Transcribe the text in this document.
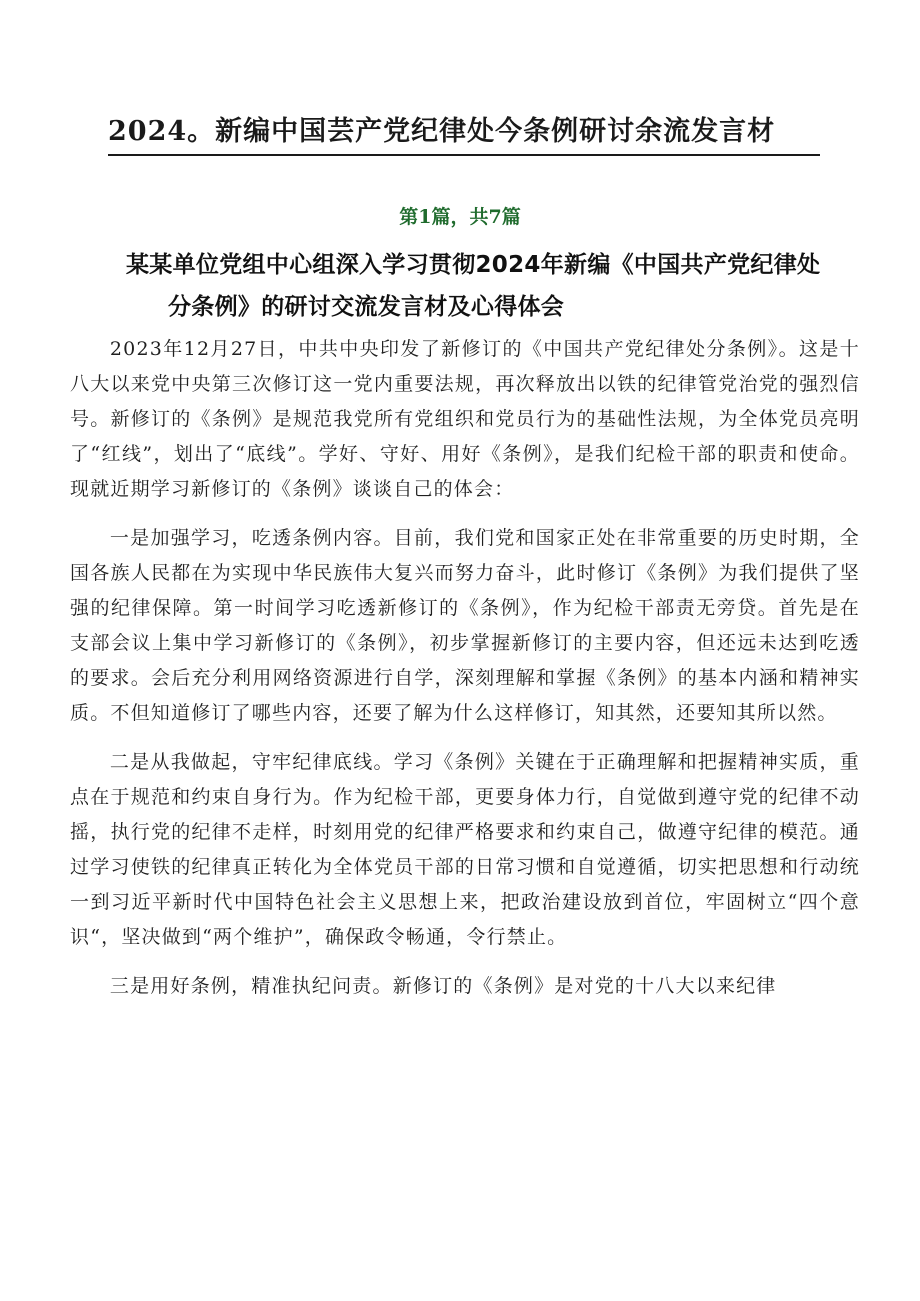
2024。新编中国芸产党纪律处今条例研讨余流发言材
第1篇，共7篇
某某单位党组中心组深入学习贯彻2024年新编《中国共产党纪律处
分条例》的研讨交流发言材及心得体会

2023年12月27日，中共中央印发了新修订的《中国共产党纪律处分条例》。这是十八大以来党中央第三次修订这一党内重要法规，再次释放出以铁的纪律管党治党的强烈信号。新修订的《条例》是规范我党所有党组织和党员行为的基础性法规，为全体党员亮明了“红线”，划出了“底线”。学好、守好、用好《条例》，是我们纪检干部的职责和使命。现就近期学习新修订的《条例》谈谈自己的体会：

一是加强学习，吃透条例内容。目前，我们党和国家正处在非常重要的历史时期，全国各族人民都在为实现中华民族伟大复兴而努力奋斗，此时修订《条例》为我们提供了坚强的纪律保障。第一时间学习吃透新修订的《条例》，作为纪检干部责无旁贷。首先是在支部会议上集中学习新修订的《条例》，初步掌握新修订的主要内容，但还远未达到吃透的要求。会后充分利用网络资源进行自学，深刻理解和掌握《条例》的基本内涵和精神实质。不但知道修订了哪些内容，还要了解为什么这样修订，知其然，还要知其所以然。

二是从我做起，守牢纪律底线。学习《条例》关键在于正确理解和把握精神实质，重点在于规范和约束自身行为。作为纪检干部，更要身体力行，自觉做到遵守党的纪律不动摇，执行党的纪律不走样，时刻用党的纪律严格要求和约束自己，做遵守纪律的模范。通过学习使铁的纪律真正转化为全体党员干部的日常习惯和自觉遵循，切实把思想和行动统一到习近平新时代中国特色社会主义思想上来，把政治建设放到首位，牢固树立“四个意识“，坚决做到“两个维护”，确保政令畅通，令行禁止。

三是用好条例，精准执纪问责。新修订的《条例》是对党的十八大以来纪律
